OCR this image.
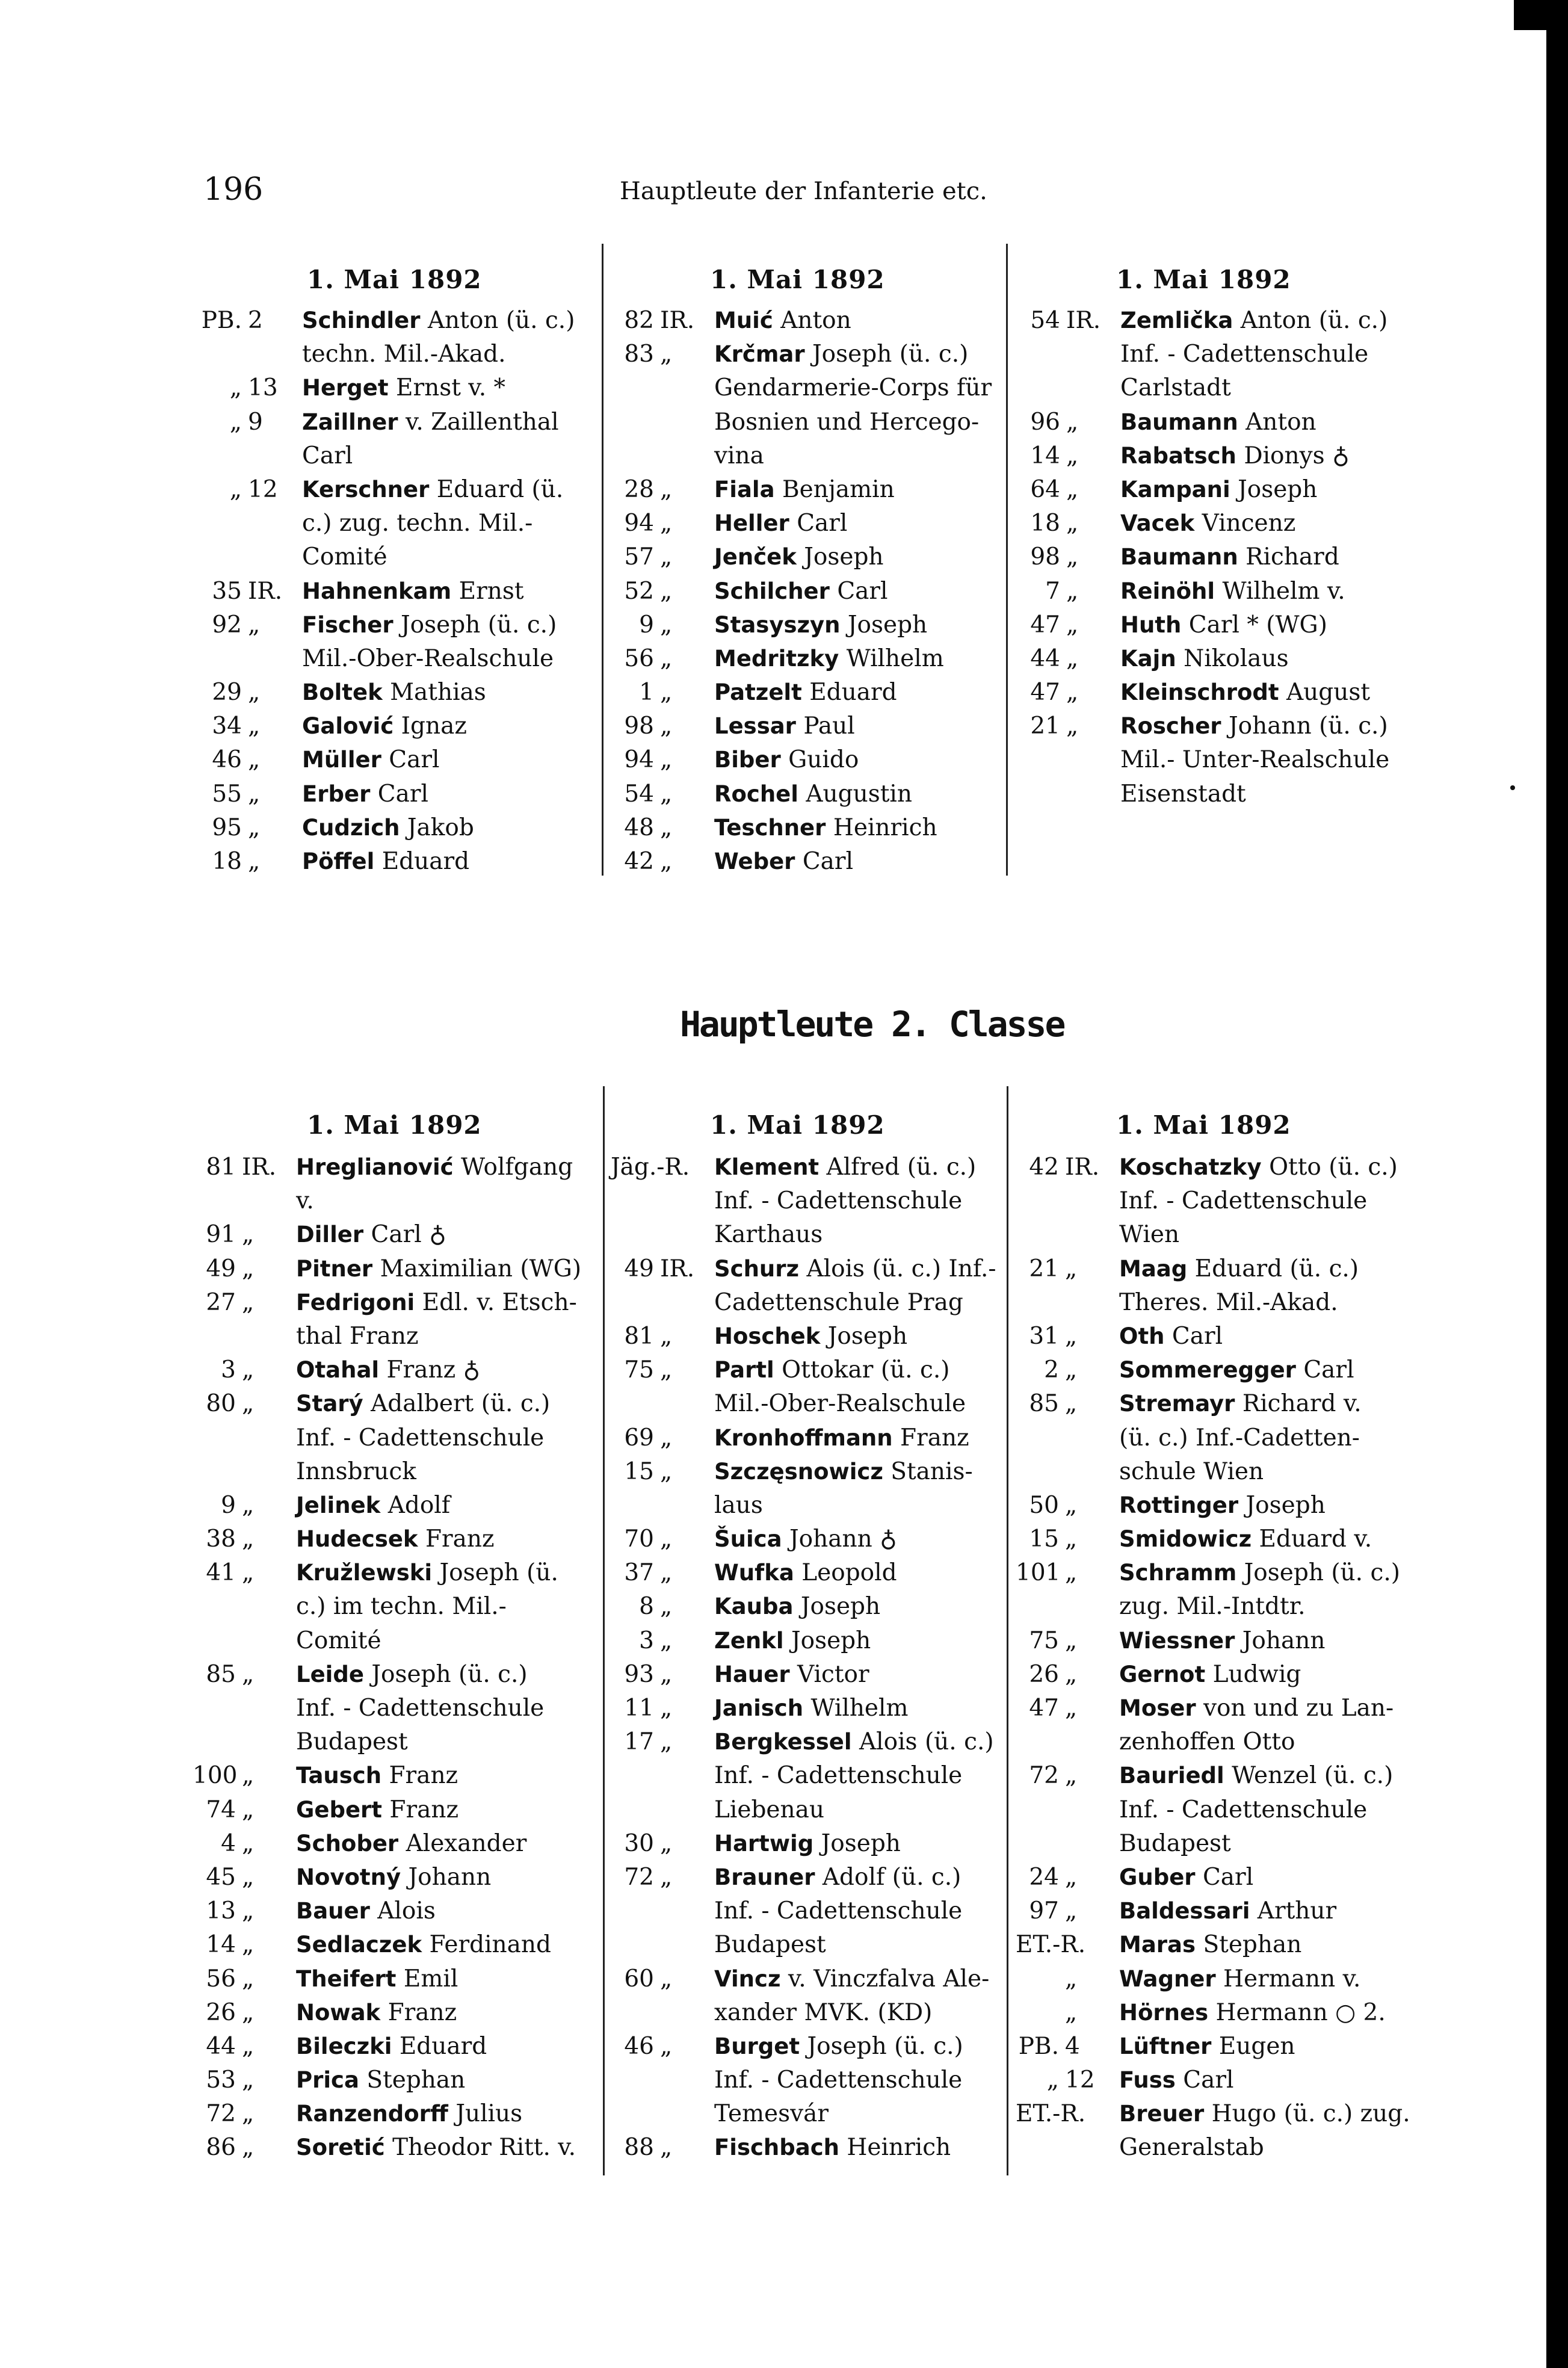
196	Hauptleute der Infanterie etc.
Hauptleute 2. Classe
1. Mai 1892	1. Mai 1892	1. Mai 1892
PB. 2 Schindler Anton (ü. c.)
techn. Mil.-Akad.
„ 13 Herget Ernst v. *
„ 9 Zaillner v. Zaillenthal
Carl
„ 12 Kerschner Eduard (ü.
c.) zug. techn. Mil.-
Comité
35 IR. Hahnenkam Ernst
92 „ Fischer Joseph (ü. c.)
Mil.-Ober-Realschule
29 „ Boltek Mathias
34 „ Galović Ignaz
46 „ Müller Carl
55 „ Erber Carl
95 „ Cudzich Jakob
18 „ Pöffel Eduard
82 IR. Muić Anton
83 „ Krčmar Joseph (ü. c.)
Gendarmerie-Corps für
Bosnien und Hercego-
vina
28 „ Fiala Benjamin
94 „ Heller Carl
57 „ Jenček Joseph
52 „ Schilcher Carl
9 „ Stasyszyn Joseph
56 „ Medritzky Wilhelm
1 „ Patzelt Eduard
98 „ Lessar Paul
94 „ Biber Guido
54 „ Rochel Augustin
48 „ Teschner Heinrich
42 „ Weber Carl
54 IR. Zemlička Anton (ü. c.)
Inf. - Cadettenschule
Carlstadt
96 „ Baumann Anton
14 „ Rabatsch Dionys ♁
64 „ Kampani Joseph
18 „ Vacek Vincenz
98 „ Baumann Richard
7 „ Reinöhl Wilhelm v.
47 „ Huth Carl * (WG)
44 „ Kajn Nikolaus
47 „ Kleinschrodt August
21 „ Roscher Johann (ü. c.)
Mil.- Unter-Realschule
Eisenstadt
1. Mai 1892	1. Mai 1892	1. Mai 1892
81 IR. Hreglianović Wolfgang
v.
91 „ Diller Carl ♁
49 „ Pitner Maximilian (WG)
27 „ Fedrigoni Edl. v. Etsch-
thal Franz
3 „ Otahal Franz ♁
80 „ Starý Adalbert (ü. c.)
Inf. - Cadettenschule
Innsbruck
9 „ Jelinek Adolf
38 „ Hudecsek Franz
41 „ Kružlewski Joseph (ü.
c.) im techn. Mil.-
Comité
85 „ Leide Joseph (ü. c.)
Inf. - Cadettenschule
Budapest
100 „ Tausch Franz
74 „ Gebert Franz
4 „ Schober Alexander
45 „ Novotný Johann
13 „ Bauer Alois
14 „ Sedlaczek Ferdinand
56 „ Theifert Emil
26 „ Nowak Franz
44 „ Bileczki Eduard
53 „ Prica Stephan
72 „ Ranzendorff Julius
86 „ Soretić Theodor Ritt. v.
Jäg.-R. Klement Alfred (ü. c.)
Inf. - Cadettenschule
Karthaus
49 IR. Schurz Alois (ü. c.) Inf.-
Cadettenschule Prag
81 „ Hoschek Joseph
75 „ Partl Ottokar (ü. c.)
Mil.-Ober-Realschule
69 „ Kronhoffmann Franz
15 „ Szczęsnowicz Stanis-
laus
70 „ Šuica Johann ♁
37 „ Wufka Leopold
8 „ Kauba Joseph
3 „ Zenkl Joseph
93 „ Hauer Victor
11 „ Janisch Wilhelm
17 „ Bergkessel Alois (ü. c.)
Inf. - Cadettenschule
Liebenau
30 „ Hartwig Joseph
72 „ Brauner Adolf (ü. c.)
Inf. - Cadettenschule
Budapest
60 „ Vincz v. Vinczfalva Ale-
xander MVK. (KD)
46 „ Burget Joseph (ü. c.)
Inf. - Cadettenschule
Temesvár
88 „ Fischbach Heinrich
42 IR. Koschatzky Otto (ü. c.)
Inf. - Cadettenschule
Wien
21 „ Maag Eduard (ü. c.)
Theres. Mil.-Akad.
31 „ Oth Carl
2 „ Sommeregger Carl
85 „ Stremayr Richard v.
(ü. c.) Inf.-Cadetten-
schule Wien
50 „ Rottinger Joseph
15 „ Smidowicz Eduard v.
101 „ Schramm Joseph (ü. c.)
zug. Mil.-Intdtr.
75 „ Wiessner Johann
26 „ Gernot Ludwig
47 „ Moser von und zu Lan-
zenhoffen Otto
72 „ Bauriedl Wenzel (ü. c.)
Inf. - Cadettenschule
Budapest
24 „ Guber Carl
97 „ Baldessari Arthur
ET.-R. Maras Stephan
„ Wagner Hermann v.
„ Hörnes Hermann ○ 2.
PB. 4 Lüftner Eugen
„ 12 Fuss Carl
ET.-R. Breuer Hugo (ü. c.) zug.
Generalstab
